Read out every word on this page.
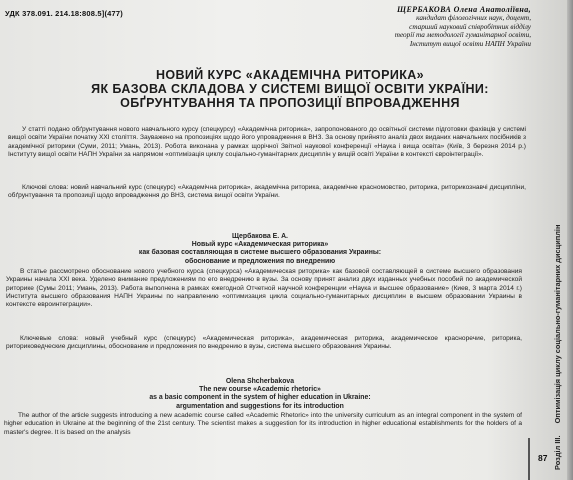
УДК 378.091. 214.18:808.5](477)	ЩЕРБАКОВА Олена Анатоліївна,
кандидат філологічних наук, доцент,
старший науковий співробітник відділу
теорії та методології гуманітарної освіти,
Інститут вищої освіти НАПН України
НОВИЙ КУРС «АКАДЕМІЧНА РИТОРИКА»
ЯК БАЗОВА СКЛАДОВА У СИСТЕМІ ВИЩОЇ ОСВІТИ УКРАЇНИ:
ОБҐРУНТУВАННЯ ТА ПРОПОЗИЦІЇ ВПРОВАДЖЕННЯ
У статті подано обґрунтування нового навчального курсу (спецкурсу) «Академічна риторика», запропонованого до освітньої системи підготовки фахівців у системі вищої освіти України початку XXI століття. Зауважено на пропозиціях щодо його упровадження в ВНЗ. За основу прийнято аналіз двох виданих навчальних посібників з академічної риторики (Суми, 2011; Умань, 2013). Робота виконана у рамках щорічної Звітної наукової конференції «Наука і вища освіта» (Київ, 3 березня 2014 р.) Інституту вищої освіти НАПН України за напрямом «оптимізація циклу соціально-гуманітарних дисциплін у вищій освіті України в контексті євроінтеграції».
Ключові слова: новий навчальний курс (спецкурс) «Академічна риторика», академічна риторика, академічне красномовство, риторика, риторикознавчі дисципліни, обґрунтування та пропозиції щодо впровадження до ВНЗ, система вищої освіти України.
Щербакова Е. А.
Новый курс «Академическая риторика»
как базовая составляющая в системе высшего образования Украины:
обоснование и предложения по внедрению
В статье рассмотрено обоснование нового учебного курса (спецкурса) «Академическая риторика» как базовой составляющей в системе высшего образования Украины начала XXI века. Уделено внимание предложениям по его внедрению в вузы. За основу принят анализ двух изданных учебных пособий по академической риторике (Сумы 2011; Умань, 2013). Работа выполнена в рамках ежегодной Отчетной научной конференции «Наука и высшее образование» (Киев, 3 марта 2014 г.) Института высшего образования НАПН Украины по направлению «оптимизация цикла социально-гуманитарных дисциплин в высшем образовании Украины в контексте евроинтеграции».
Ключевые слова: новый учебный курс (спецкурс) «Академическая риторика», академическая риторика, академическое красноречие, риторика, риториковедческие дисциплины, обоснование и предложения по внедрению в вузы, система высшего образования Украины.
Olena Shcherbakova
The new course «Academic rhetoric»
as a basic component in the system of higher education in Ukraine:
argumentation and suggestions for its introduction
The author of the article suggests introducing a new academic course called «Academic Rhetoric» into the university curriculum as an integral component in the system of higher education in Ukraine at the beginning of the 21st century. The scientist makes a suggestion for its introduction in higher educational establishments for the holders of a master's degree. It is based on the analysis
Розділ III. Оптимізація циклу соціально-гуманітарних дисциплін
87
